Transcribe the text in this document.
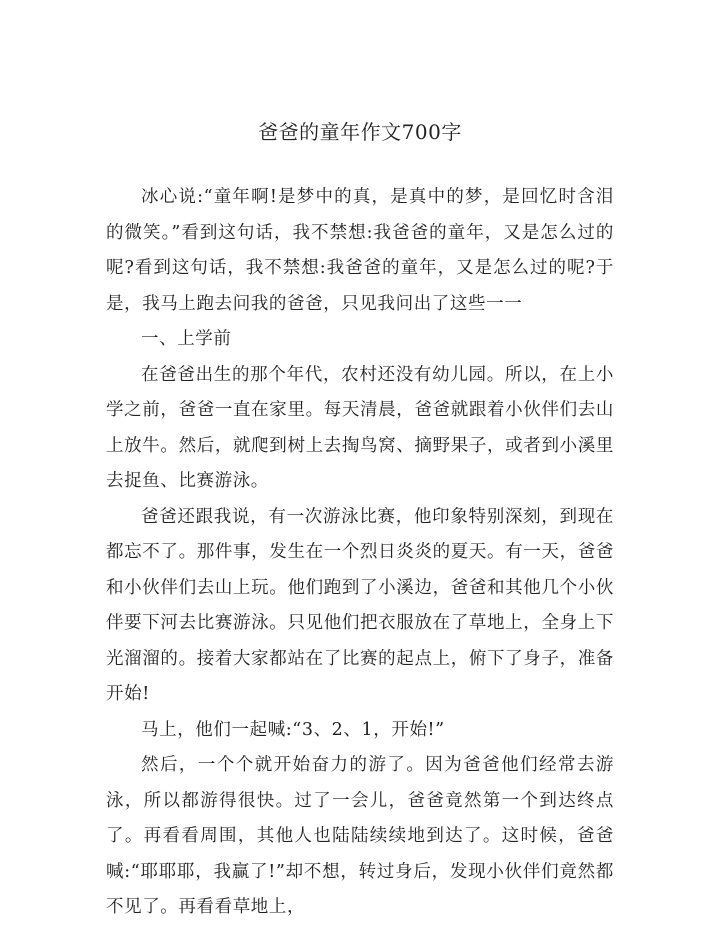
爸爸的童年作文700字

冰心说:“童年啊!是梦中的真，是真中的梦，是回忆时含泪的微笑。”看到这句话，我不禁想:我爸爸的童年，又是怎么过的呢?看到这句话，我不禁想:我爸爸的童年，又是怎么过的呢?于是，我马上跑去问我的爸爸，只见我问出了这些一一

一、上学前

在爸爸出生的那个年代，农村还没有幼儿园。所以，在上小学之前，爸爸一直在家里。每天清晨，爸爸就跟着小伙伴们去山上放牛。然后，就爬到树上去掏鸟窝、摘野果子，或者到小溪里去捉鱼、比赛游泳。

爸爸还跟我说，有一次游泳比赛，他印象特别深刻，到现在都忘不了。那件事，发生在一个烈日炎炎的夏天。有一天，爸爸和小伙伴们去山上玩。他们跑到了小溪边，爸爸和其他几个小伙伴要下河去比赛游泳。只见他们把衣服放在了草地上，全身上下光溜溜的。接着大家都站在了比赛的起点上，俯下了身子，准备开始!

马上，他们一起喊:“3、2、1，开始!”

然后，一个个就开始奋力的游了。因为爸爸他们经常去游泳，所以都游得很快。过了一会儿，爸爸竟然第一个到达终点了。再看看周围，其他人也陆陆续续地到达了。这时候，爸爸喊:“耶耶耶，我赢了!”却不想，转过身后，发现小伙伴们竟然都不见了。再看看草地上，
